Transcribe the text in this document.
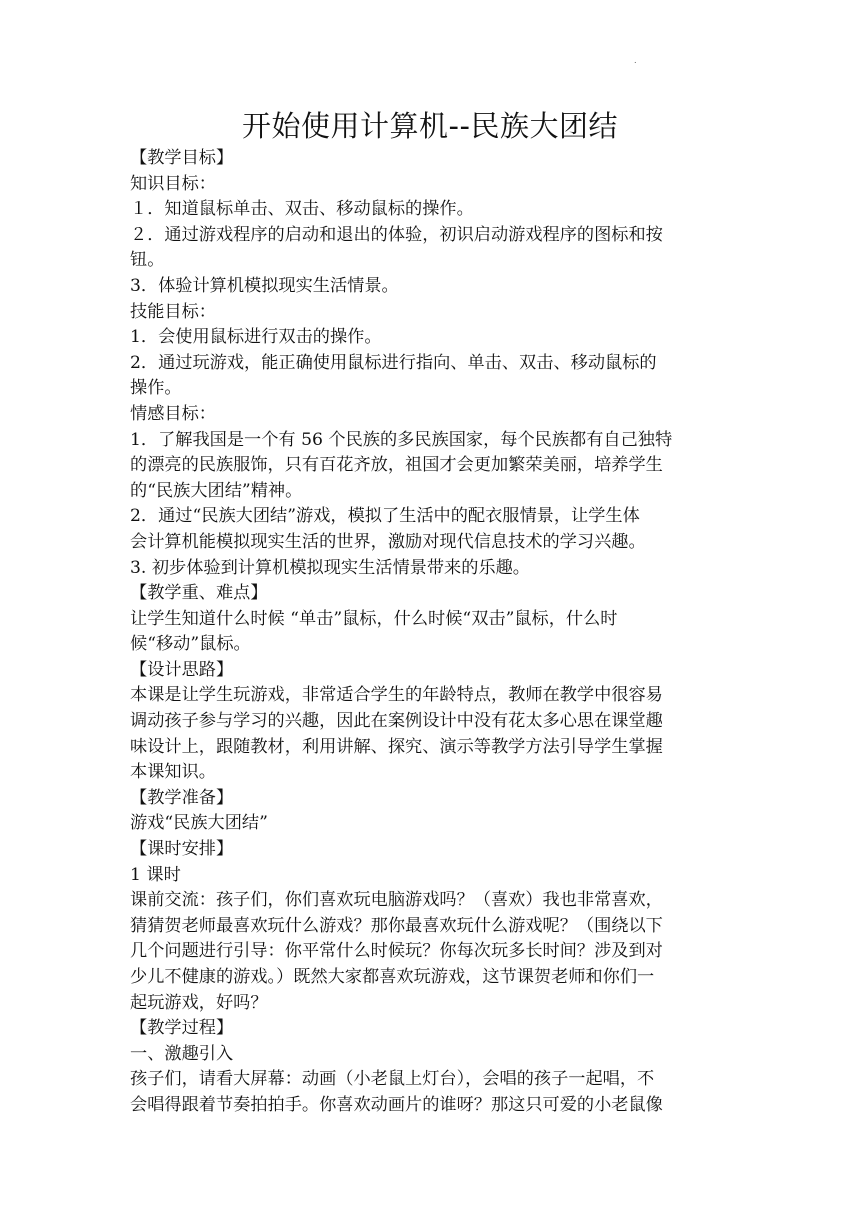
.
开始使用计算机--民族大团结
【教学目标】
知识目标：
１．知道鼠标单击、双击、移动鼠标的操作。
２．通过游戏程序的启动和退出的体验，初识启动游戏程序的图标和按
钮。
3．体验计算机模拟现实生活情景。
技能目标：
1．会使用鼠标进行双击的操作。
2．通过玩游戏，能正确使用鼠标进行指向、单击、双击、移动鼠标的
操作。
情感目标：
1．了解我国是一个有 56 个民族的多民族国家，每个民族都有自己独特
的漂亮的民族服饰，只有百花齐放，祖国才会更加繁荣美丽，培养学生
的“民族大团结”精神。
2．通过“民族大团结”游戏，模拟了生活中的配衣服情景，让学生体
会计算机能模拟现实生活的世界，激励对现代信息技术的学习兴趣。
3. 初步体验到计算机模拟现实生活情景带来的乐趣。
【教学重、难点】
让学生知道什么时候 “单击”鼠标，什么时候“双击”鼠标，什么时
候“移动”鼠标。
【设计思路】
本课是让学生玩游戏，非常适合学生的年龄特点，教师在教学中很容易
调动孩子参与学习的兴趣，因此在案例设计中没有花太多心思在课堂趣
味设计上，跟随教材，利用讲解、探究、演示等教学方法引导学生掌握
本课知识。
【教学准备】
游戏“民族大团结”
【课时安排】
1 课时
课前交流：孩子们，你们喜欢玩电脑游戏吗？（喜欢）我也非常喜欢，
猜猜贺老师最喜欢玩什么游戏？那你最喜欢玩什么游戏呢？（围绕以下
几个问题进行引导：你平常什么时候玩？你每次玩多长时间？涉及到对
少儿不健康的游戏。）既然大家都喜欢玩游戏，这节课贺老师和你们一
起玩游戏，好吗？
【教学过程】
一、激趣引入
孩子们，请看大屏幕：动画（小老鼠上灯台），会唱的孩子一起唱，不
会唱得跟着节奏拍拍手。你喜欢动画片的谁呀？那这只可爱的小老鼠像
